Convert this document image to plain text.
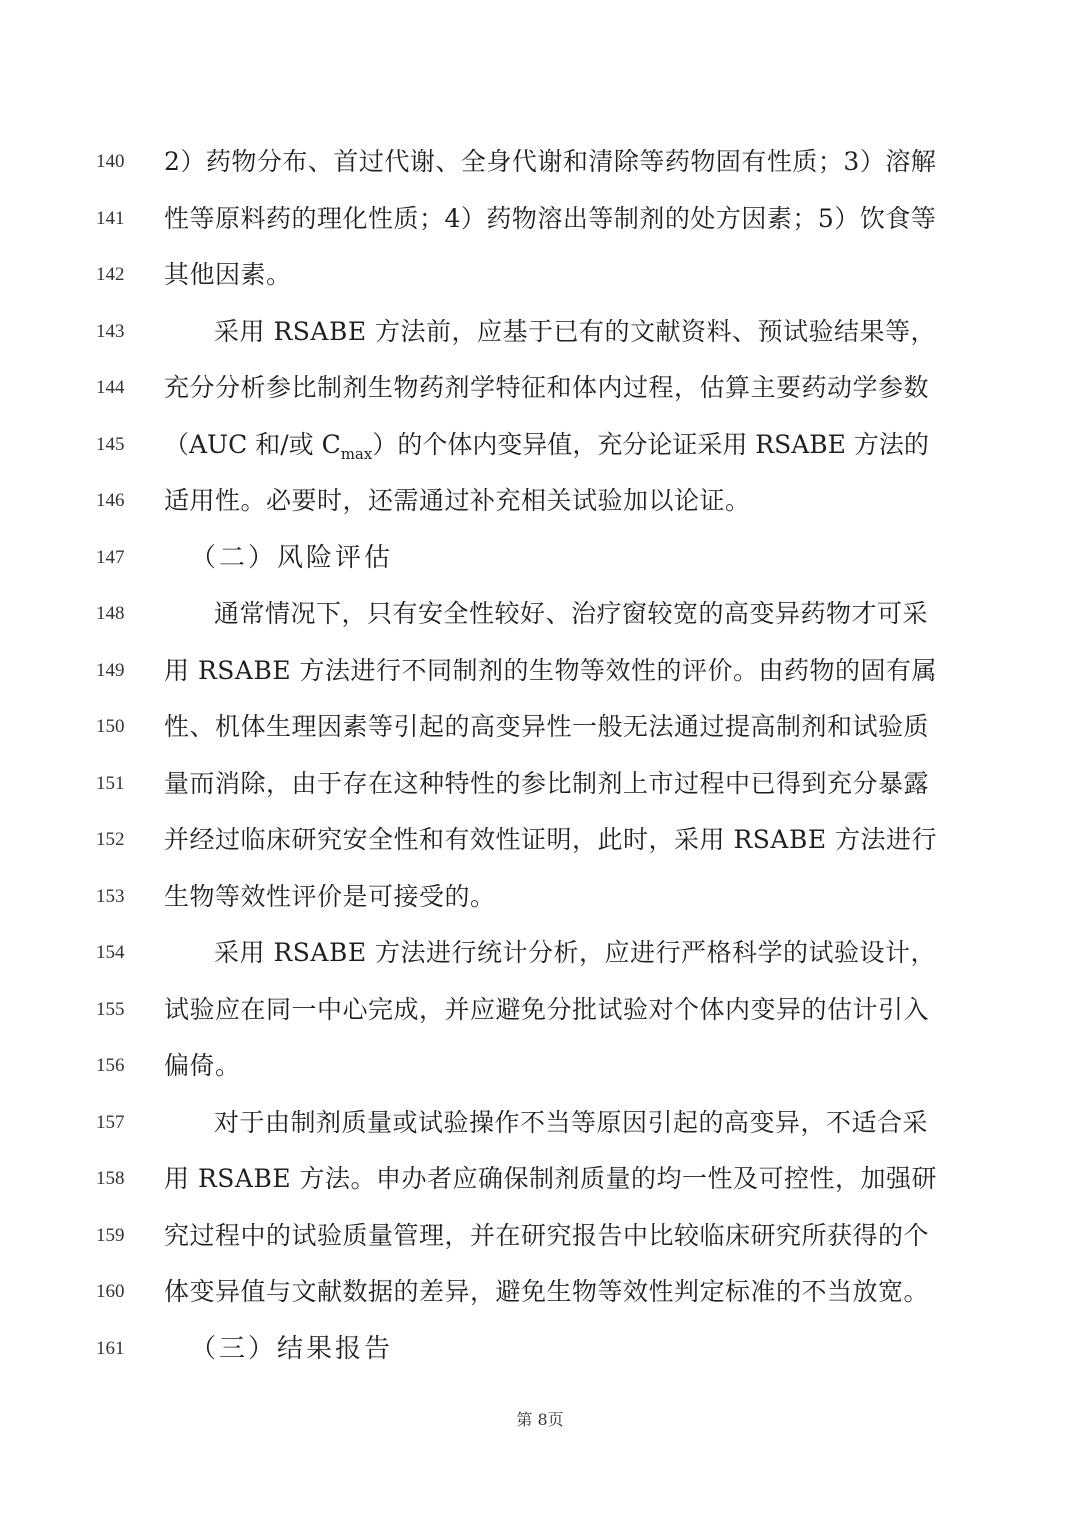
140	2）药物分布、首过代谢、全身代谢和清除等药物固有性质；3）溶解
141	性等原料药的理化性质；4）药物溶出等制剂的处方因素；5）饮食等
142	其他因素。
143	采用 RSABE 方法前，应基于已有的文献资料、预试验结果等，
144	充分分析参比制剂生物药剂学特征和体内过程，估算主要药动学参数
145	（AUC 和/或 $C_{max}$）的个体内变异值，充分论证采用 RSABE 方法的
146	适用性。必要时，还需通过补充相关试验加以论证。
147	（二）风险评估
148	通常情况下，只有安全性较好、治疗窗较宽的高变异药物才可采
149	用 RSABE 方法进行不同制剂的生物等效性的评价。由药物的固有属
150	性、机体生理因素等引起的高变异性一般无法通过提高制剂和试验质
151	量而消除，由于存在这种特性的参比制剂上市过程中已得到充分暴露
152	并经过临床研究安全性和有效性证明，此时，采用 RSABE 方法进行
153	生物等效性评价是可接受的。
154	采用 RSABE 方法进行统计分析，应进行严格科学的试验设计，
155	试验应在同一中心完成，并应避免分批试验对个体内变异的估计引入
156	偏倚。
157	对于由制剂质量或试验操作不当等原因引起的高变异，不适合采
158	用 RSABE 方法。申办者应确保制剂质量的均一性及可控性，加强研
159	究过程中的试验质量管理，并在研究报告中比较临床研究所获得的个
160	体变异值与文献数据的差异，避免生物等效性判定标准的不当放宽。
161	（三）结果报告
第 8页
